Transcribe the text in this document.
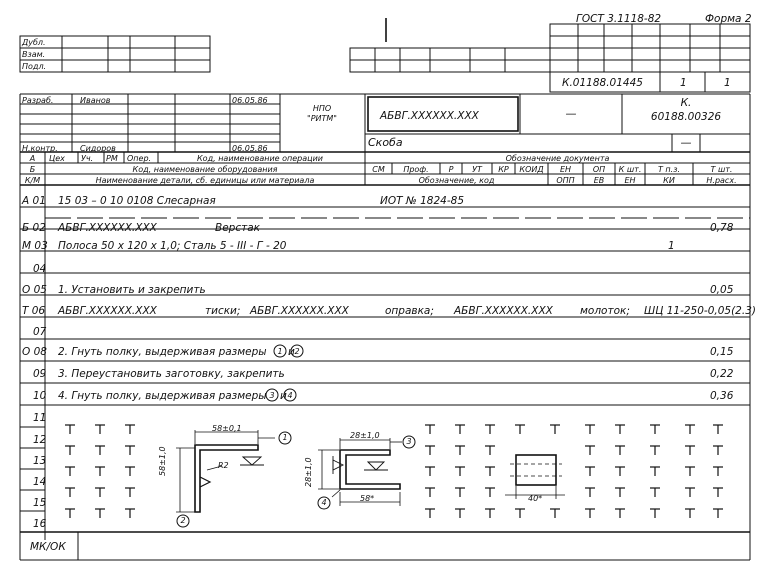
ГОСТ 3.1118-82	Форма 2
Дубл.
Взам.
Подл.
К.01188.01445	1	1
Разраб.	Иванов	06.05.86
Н.контр.	Сидоров	06.05.86
НПО
"РИТМ"	АБВГ.XXXXXX.XXX	—
К.
60188.00326
Скоба	—
А	Цех Уч. РМ Опер.	Код, наименование операции	Обозначение документа
Б	Код, наименование оборудования	СМ	Проф.	Р	УТ	КР	КОИД	ЕН	ОП	К шт.	Т п.з.	Т шт.
К/М	Наименование детали, сб. единицы или материала	Обозначение, код	ОПП	ЕВ	ЕН	КИ	Н.расх.
А 01 15 03 – 0 10 0108 Слесарная	ИОТ № 1824-85
Б 02 АБВГ.XXXXXX.XXX	Верстак	0,78
М 03 Полоса 50 х 120 х 1,0; Сталь 5 - III - Г - 20	1
04
О 05 1. Установить и закрепить	0,05
Т 06 АБВГ.XXXXXX.XXX	тиски; АБВГ.XXXXXX.XXX	оправка; АБВГ.XXXXXX.XXX	молоток; ШЦ 11-250-0,05(2.3)
07
О 08 2. Гнуть полку, выдерживая размеры	1 и 2	0,15
09 3. Переустановить заготовку, закрепить	0,22
10 4. Гнуть полку, выдерживая размеры 3 и 4	0,36
11
12
13
14
15
16
58±0,1
R2
58±1,0
1
2
28±1,0
28±1,0
58*
3
4	40*
МК/ОК
